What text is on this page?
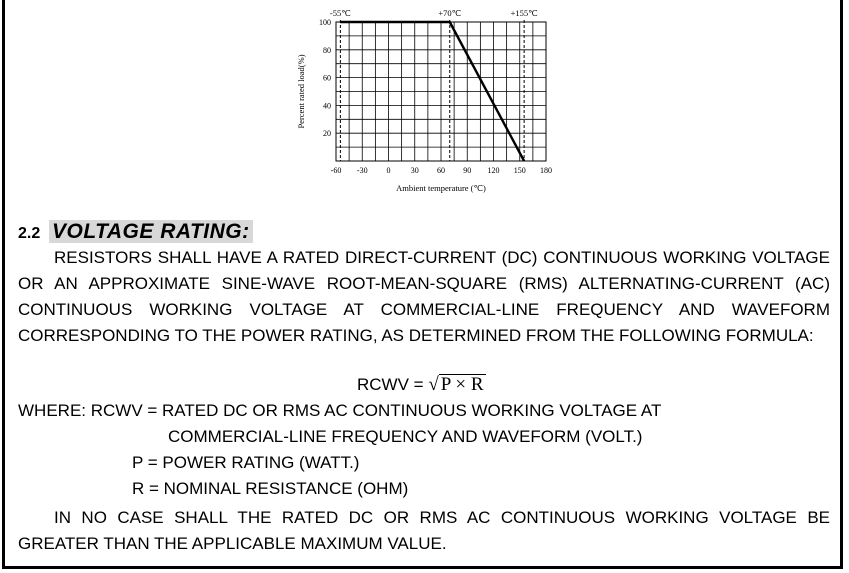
-60 -30 0	30 60 90 120 150 180
20
40
60
80
100
-55℃	+70℃	+155℃
Ambient temperature (℃)
Percent rated load(%)
2.2 VOLTAGE RATING:

RESISTORS SHALL HAVE A RATED DIRECT-CURRENT (DC) CONTINUOUS WORKING VOLTAGE OR AN APPROXIMATE SINE-WAVE ROOT-MEAN-SQUARE (RMS) ALTERNATING-CURRENT (AC) CONTINUOUS WORKING VOLTAGE AT COMMERCIAL-LINE FREQUENCY AND WAVEFORM CORRESPONDING TO THE POWER RATING, AS DETERMINED FROM THE FOLLOWING FORMULA:

RCWV = √ P × R
WHERE: RCWV = RATED DC OR RMS AC CONTINUOUS WORKING VOLTAGE AT
COMMERCIAL-LINE FREQUENCY AND WAVEFORM (VOLT.)
P = POWER RATING (WATT.)
R = NOMINAL RESISTANCE (OHM)

IN NO CASE SHALL THE RATED DC OR RMS AC CONTINUOUS WORKING VOLTAGE BE GREATER THAN THE APPLICABLE MAXIMUM VALUE.
